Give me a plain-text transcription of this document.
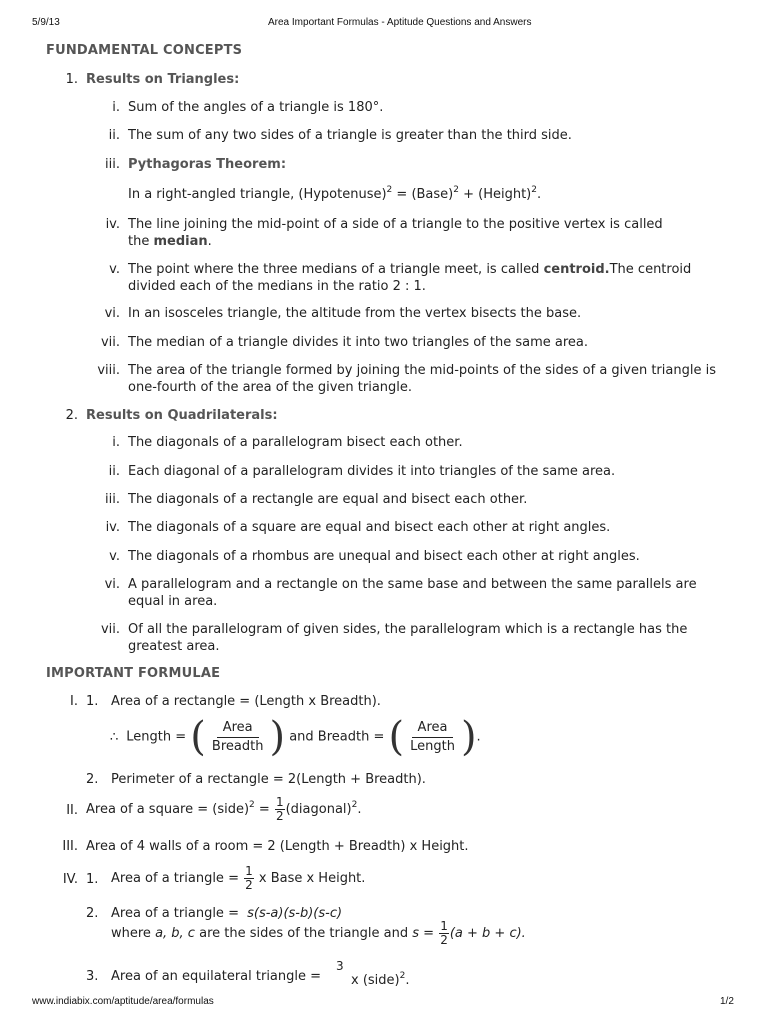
5/9/13	Area Important Formulas - Aptitude Questions and Answers
FUNDAMENTAL CONCEPTS
1. Results on Triangles:
i. Sum of the angles of a triangle is 180°.
ii. The sum of any two sides of a triangle is greater than the third side.
iii. Pythagoras Theorem:
In a right-angled triangle, (Hypotenuse)$^2$ = (Base)$^2$ + (Height)$^2$.
iv. The line joining the mid-point of a side of a triangle to the positive vertex is called
the median.
v. The point where the three medians of a triangle meet, is called centroid.The centroid
divided each of the medians in the ratio 2 : 1.
vi. In an isosceles triangle, the altitude from the vertex bisects the base.
vii. The median of a triangle divides it into two triangles of the same area.
viii. The area of the triangle formed by joining the mid-points of the sides of a given triangle is
one-fourth of the area of the given triangle.
2. Results on Quadrilaterals:
i. The diagonals of a parallelogram bisect each other.
ii. Each diagonal of a parallelogram divides it into triangles of the same area.
iii. The diagonals of a rectangle are equal and bisect each other.
iv. The diagonals of a square are equal and bisect each other at right angles.
v. The diagonals of a rhombus are unequal and bisect each other at right angles.
vi. A parallelogram and a rectangle on the same base and between the same parallels are
equal in area.
vii. Of all the parallelogram of given sides, the parallelogram which is a rectangle has the
greatest area.
IMPORTANT FORMULAE
I. 1. Area of a rectangle = (Length x Breadth).
∴ Length = (	Area
Breadth ) and Breadth = (	Area
Length ).
2. Perimeter of a rectangle = 2(Length + Breadth).
II. Area of a square = (side)$^2$ = $\frac{1}{2}$ (diagonal)$^2$.
III. Area of 4 walls of a room = 2 (Length + Breadth) x Height.
IV. 1. Area of a triangle = $\frac{1}{2}$ x Base x Height.
2. Area of a triangle = s(s-a)(s-b)(s-c)
where a, b, c are the sides of the triangle and $s = \frac{1}{2} (a + b + c)$.
3. Area of an equilateral triangle =
3
x (side)$^2$.
www.indiabix.com/aptitude/area/formulas	1/2
